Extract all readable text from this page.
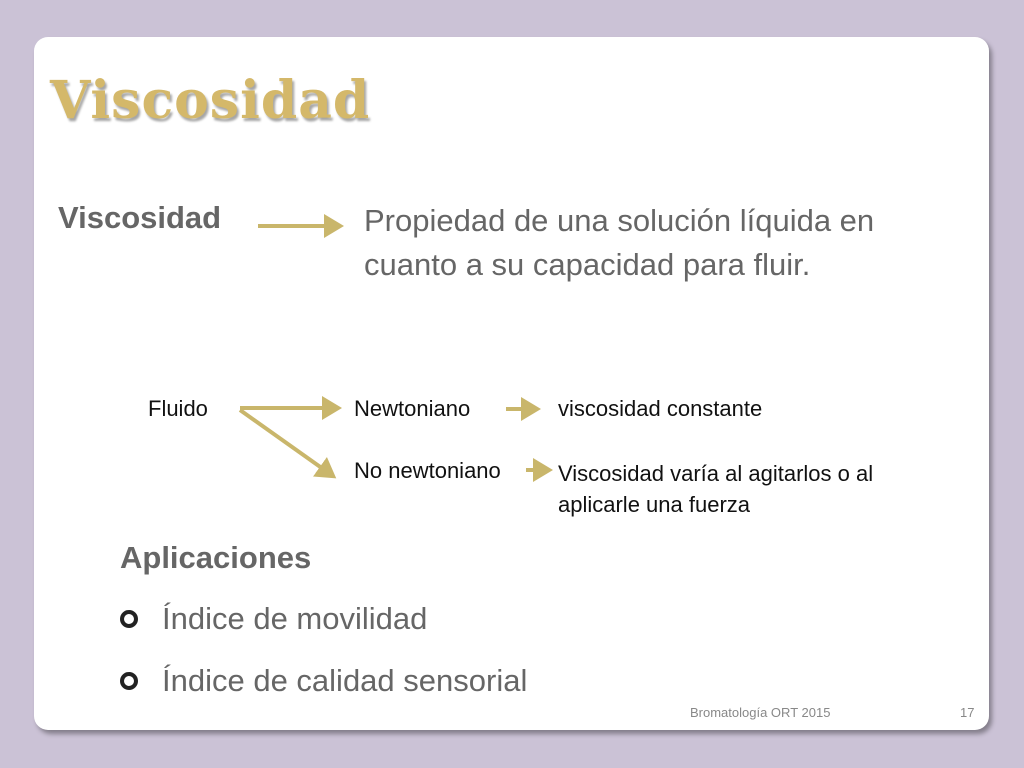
Viscosidad
Viscosidad	Propiedad de una solución líquida en cuanto a su capacidad para fluir.
Fluido	Newtoniano	viscosidad constante
No newtoniano	Viscosidad varía al agitarlos o al aplicarle una fuerza
Aplicaciones
Índice de movilidad
Índice de calidad sensorial
Bromatología ORT 2015	17
